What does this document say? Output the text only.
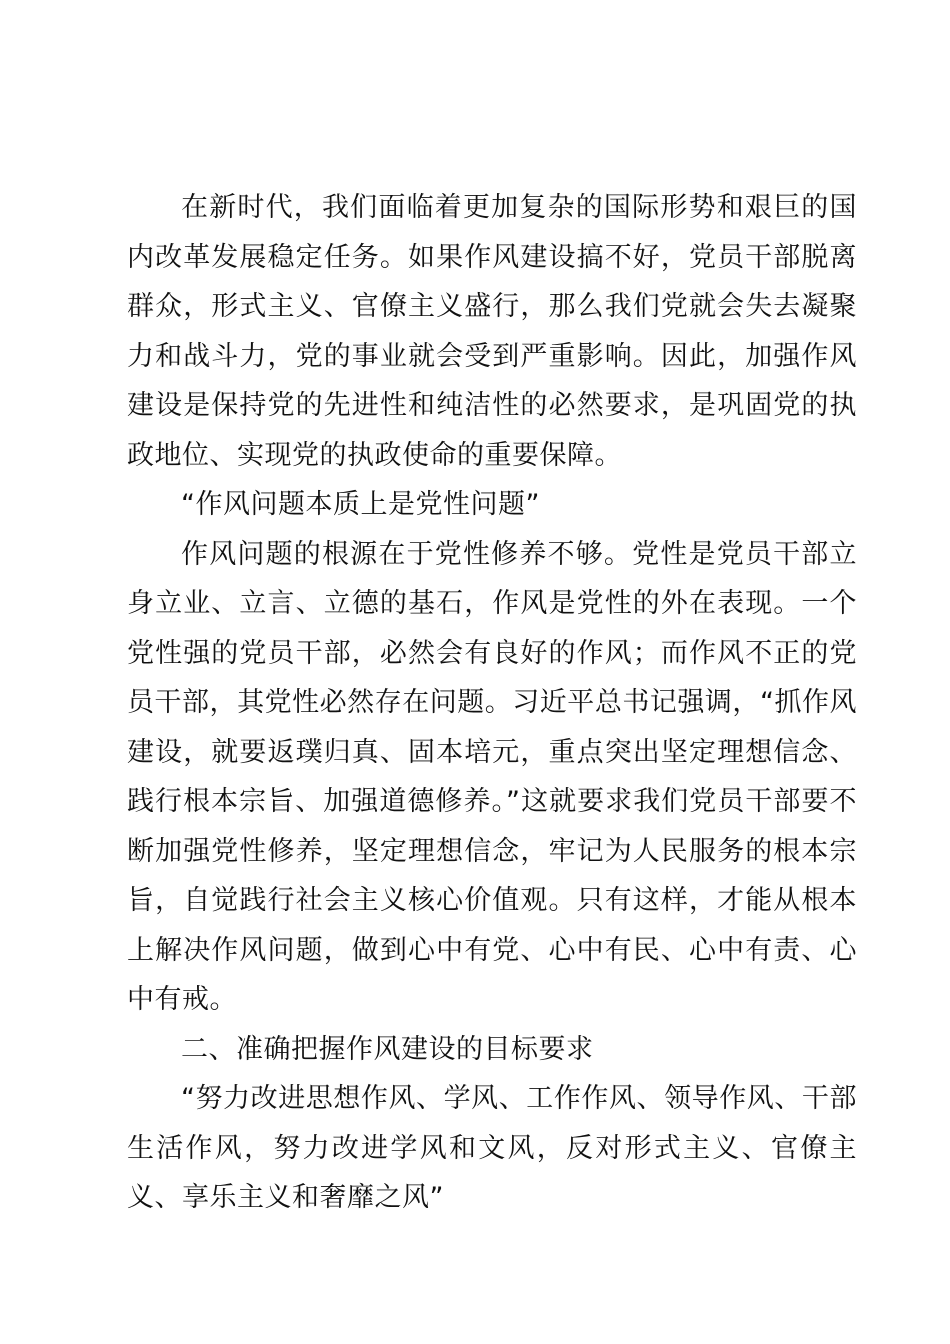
在新时代，我们面临着更加复杂的国际形势和艰巨的国内改革发展稳定任务。如果作风建设搞不好，党员干部脱离群众，形式主义、官僚主义盛行，那么我们党就会失去凝聚力和战斗力，党的事业就会受到严重影响。因此，加强作风建设是保持党的先进性和纯洁性的必然要求，是巩固党的执政地位、实现党的执政使命的重要保障。

“作风问题本质上是党性问题”

作风问题的根源在于党性修养不够。党性是党员干部立身立业、立言、立德的基石，作风是党性的外在表现。一个党性强的党员干部，必然会有良好的作风；而作风不正的党员干部，其党性必然存在问题。习近平总书记强调，“抓作风建设，就要返璞归真、固本培元，重点突出坚定理想信念、践行根本宗旨、加强道德修养。”这就要求我们党员干部要不断加强党性修养，坚定理想信念，牢记为人民服务的根本宗旨，自觉践行社会主义核心价值观。只有这样，才能从根本上解决作风问题，做到心中有党、心中有民、心中有责、心中有戒。

二、准确把握作风建设的目标要求

“努力改进思想作风、学风、工作作风、领导作风、干部生活作风，努力改进学风和文风，反对形式主义、官僚主义、享乐主义和奢靡之风”
